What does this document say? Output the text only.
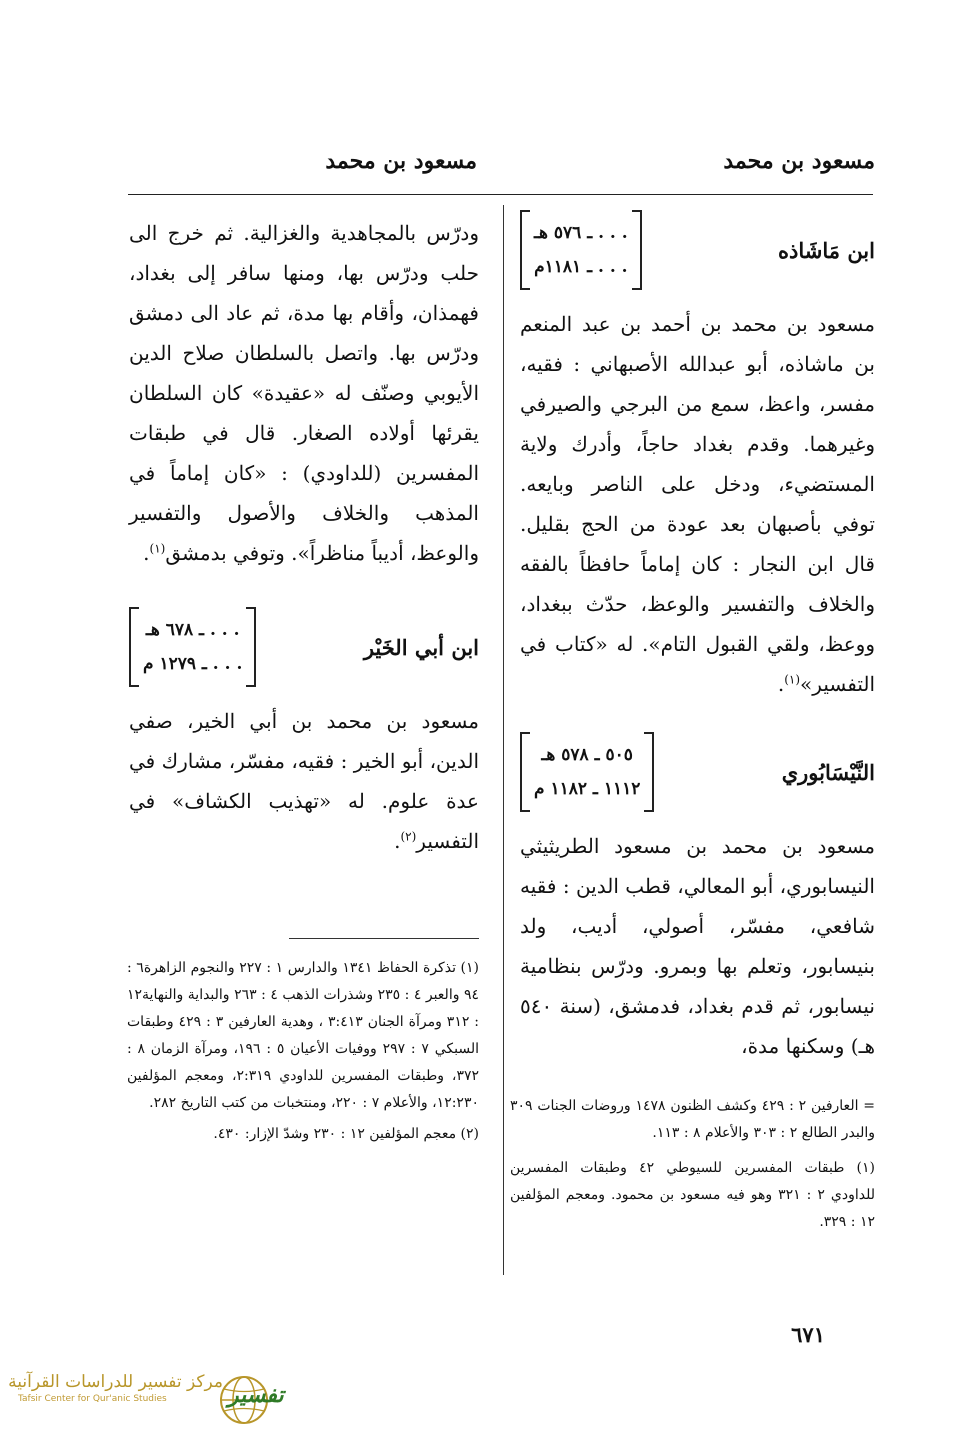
مسعود بن محمد
مسعود بن محمد
ابن مَاشَاذه
. . . ـ ٥٧٦ هـ
. . . ـ ١١٨١م

مسعود بن محمد بن أحمد بن عبد المنعم بن ماشاذه، أبو عبدالله الأصبهاني : فقيه، مفسر، واعظ، سمع من البرجي والصيرفي وغيرهما. وقدم بغداد حاجاً، وأدرك ولاية المستضيء، ودخل على الناصر وبايعه. توفي بأصبهان بعد عودة من الحج بقليل. قال ابن النجار : كان إماماً حافظاً بالفقه والخلاف والتفسير والوعظ، حدّث ببغداد، ووعظ، ولقي القبول التام». له «كتاب في التفسير»$^{(١)}$.

النَّيْسَابُوري
٥٠٥ ـ ٥٧٨ هـ
١١١٢ ـ ١١٨٢ م

مسعود بن محمد بن مسعود الطريثيثي النيسابوري، أبو المعالي، قطب الدين : فقيه شافعي، مفسّر، أصولي، أديب، ولد بنيسابور، وتعلم بها وبمرو. ودرّس بنظامية نيسابور، ثم قدم بغداد، فدمشق، (سنة ٥٤٠ هـ) وسكنها مدة،

= العارفين ٢ : ٤٢٩ وكشف الظنون ١٤٧٨ وروضات الجنات ٣٠٩ والبدر الطالع ٢ : ٣٠٣ والأعلام ٨ : ١١٣.

(١) طبقات المفسرين للسيوطي ٤٢ وطبقات المفسرين للداودي ٢ : ٣٢١ وهو فيه مسعود بن محمود. ومعجم المؤلفين ١٢ : ٣٢٩.

ودرّس بالمجاهدية والغزالية. ثم خرج الى حلب ودرّس بها، ومنها سافر إلى بغداد، فهمذان، وأقام بها مدة، ثم عاد الى دمشق ودرّس بها. واتصل بالسلطان صلاح الدين الأيوبي وصنّف له «عقيدة» كان السلطان يقرئها أولاده الصغار. قال في طبقات المفسرين (للداودي) : «كان إماماً في المذهب والخلاف والأصول والتفسير والوعظ، أديباً مناظراً». وتوفي بدمشق$^{(١)}$.

ابن أبي الخَيْر
. . . ـ ٦٧٨ هـ
. . . ـ ١٢٧٩ م

مسعود بن محمد بن أبي الخير، صفي الدين، أبو الخير : فقيه، مفسّر، مشارك في عدة علوم. له «تهذيب الكشاف» في التفسير$^{(٢)}$.

(١) تذكرة الحفاظ ١٣٤١ والدارس ١ : ٢٢٧ والنجوم الزاهرة٦ : ٩٤ والعبر ٤ : ٢٣٥ وشذرات الذهب ٤ : ٢٦٣ والبداية والنهاية١٢ : ٣١٢ ومرآة الجنان ٣:٤١٣ ، وهدية العارفين ٣ : ٤٢٩ وطبقات السبكي ٧ : ٢٩٧ ووفيات الأعيان ٥ : ١٩٦، ومرآة الزمان ٨ : ٣٧٢، وطبقات المفسرين للداودي ٢:٣١٩، ومعجم المؤلفين ١٢:٢٣٠، والأعلام ٧ : ٢٢٠، ومنتخبات من كتب التاريخ ٢٨٢.

(٢) معجم المؤلفين ١٢ : ٢٣٠ وشدّ الإزار: ٤٣٠.

٦٧١
مركز تفسير للدراسات القرآنية
Tafsir Center for Qur'anic Studies	تفسير
